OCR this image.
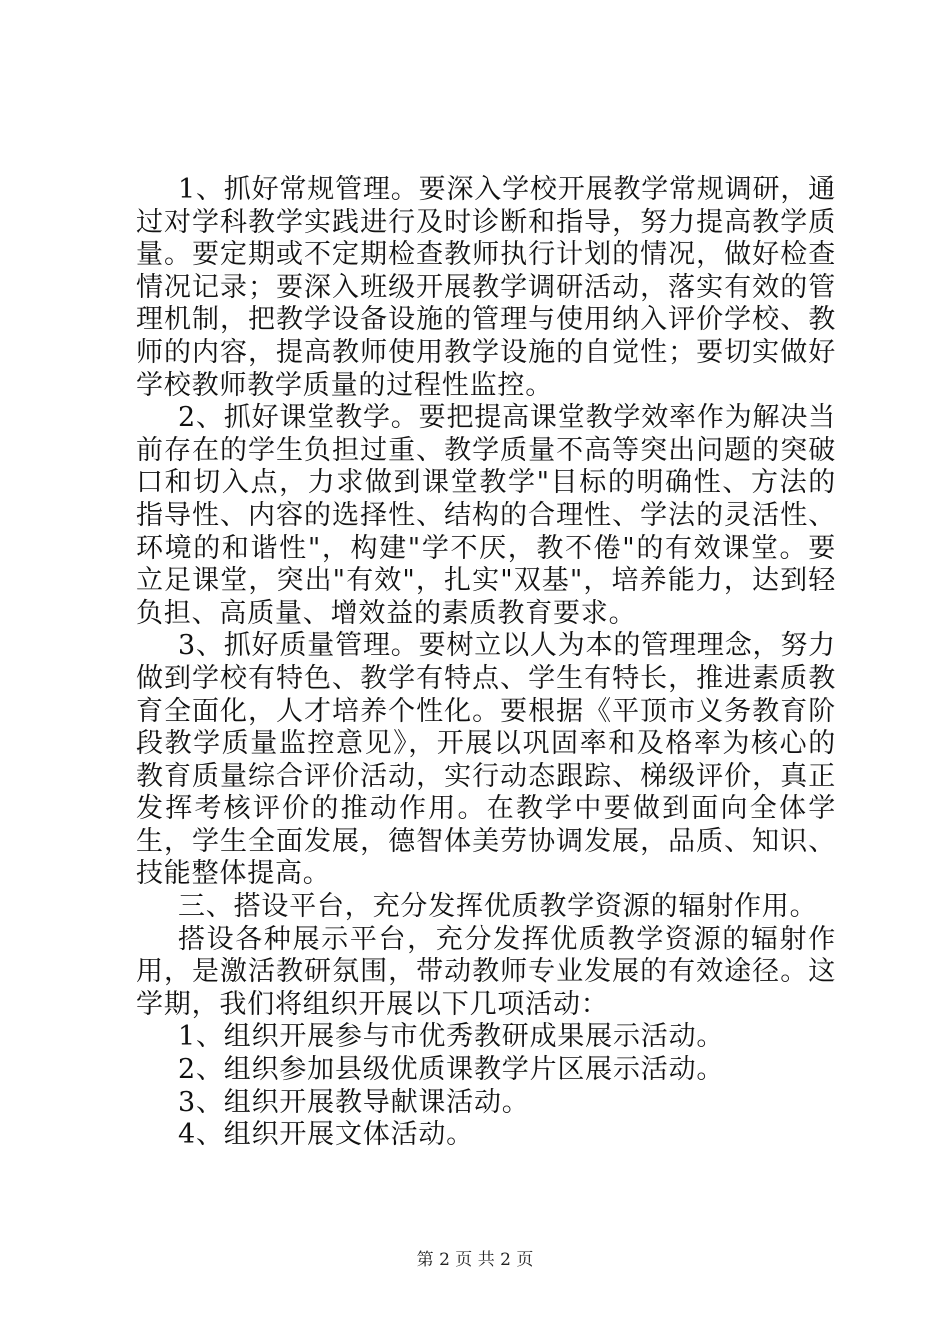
1、抓好常规管理。要深入学校开展教学常规调研，通过对学科教学实践进行及时诊断和指导，努力提高教学质量。要定期或不定期检查教师执行计划的情况，做好检查情况记录；要深入班级开展教学调研活动，落实有效的管理机制，把教学设备设施的管理与使用纳入评价学校、教师的内容，提高教师使用教学设施的自觉性；要切实做好学校教师教学质量的过程性监控。

2、抓好课堂教学。要把提高课堂教学效率作为解决当前存在的学生负担过重、教学质量不高等突出问题的突破口和切入点，力求做到课堂教学"目标的明确性、方法的指导性、内容的选择性、结构的合理性、学法的灵活性、环境的和谐性"，构建"学不厌，教不倦"的有效课堂。要立足课堂，突出"有效"，扎实"双基"，培养能力，达到轻负担、高质量、增效益的素质教育要求。

3、抓好质量管理。要树立以人为本的管理理念，努力做到学校有特色、教学有特点、学生有特长，推进素质教育全面化，人才培养个性化。要根据《平顶市义务教育阶段教学质量监控意见》，开展以巩固率和及格率为核心的教育质量综合评价活动，实行动态跟踪、梯级评价，真正发挥考核评价的推动作用。在教学中要做到面向全体学生，学生全面发展，德智体美劳协调发展，品质、知识、技能整体提高。

三、搭设平台，充分发挥优质教学资源的辐射作用。

搭设各种展示平台，充分发挥优质教学资源的辐射作用，是激活教研氛围，带动教师专业发展的有效途径。这学期，我们将组织开展以下几项活动：

1、组织开展参与市优秀教研成果展示活动。

2、组织参加县级优质课教学片区展示活动。

3、组织开展教导献课活动。

4、组织开展文体活动。

第 2 页 共 2 页
